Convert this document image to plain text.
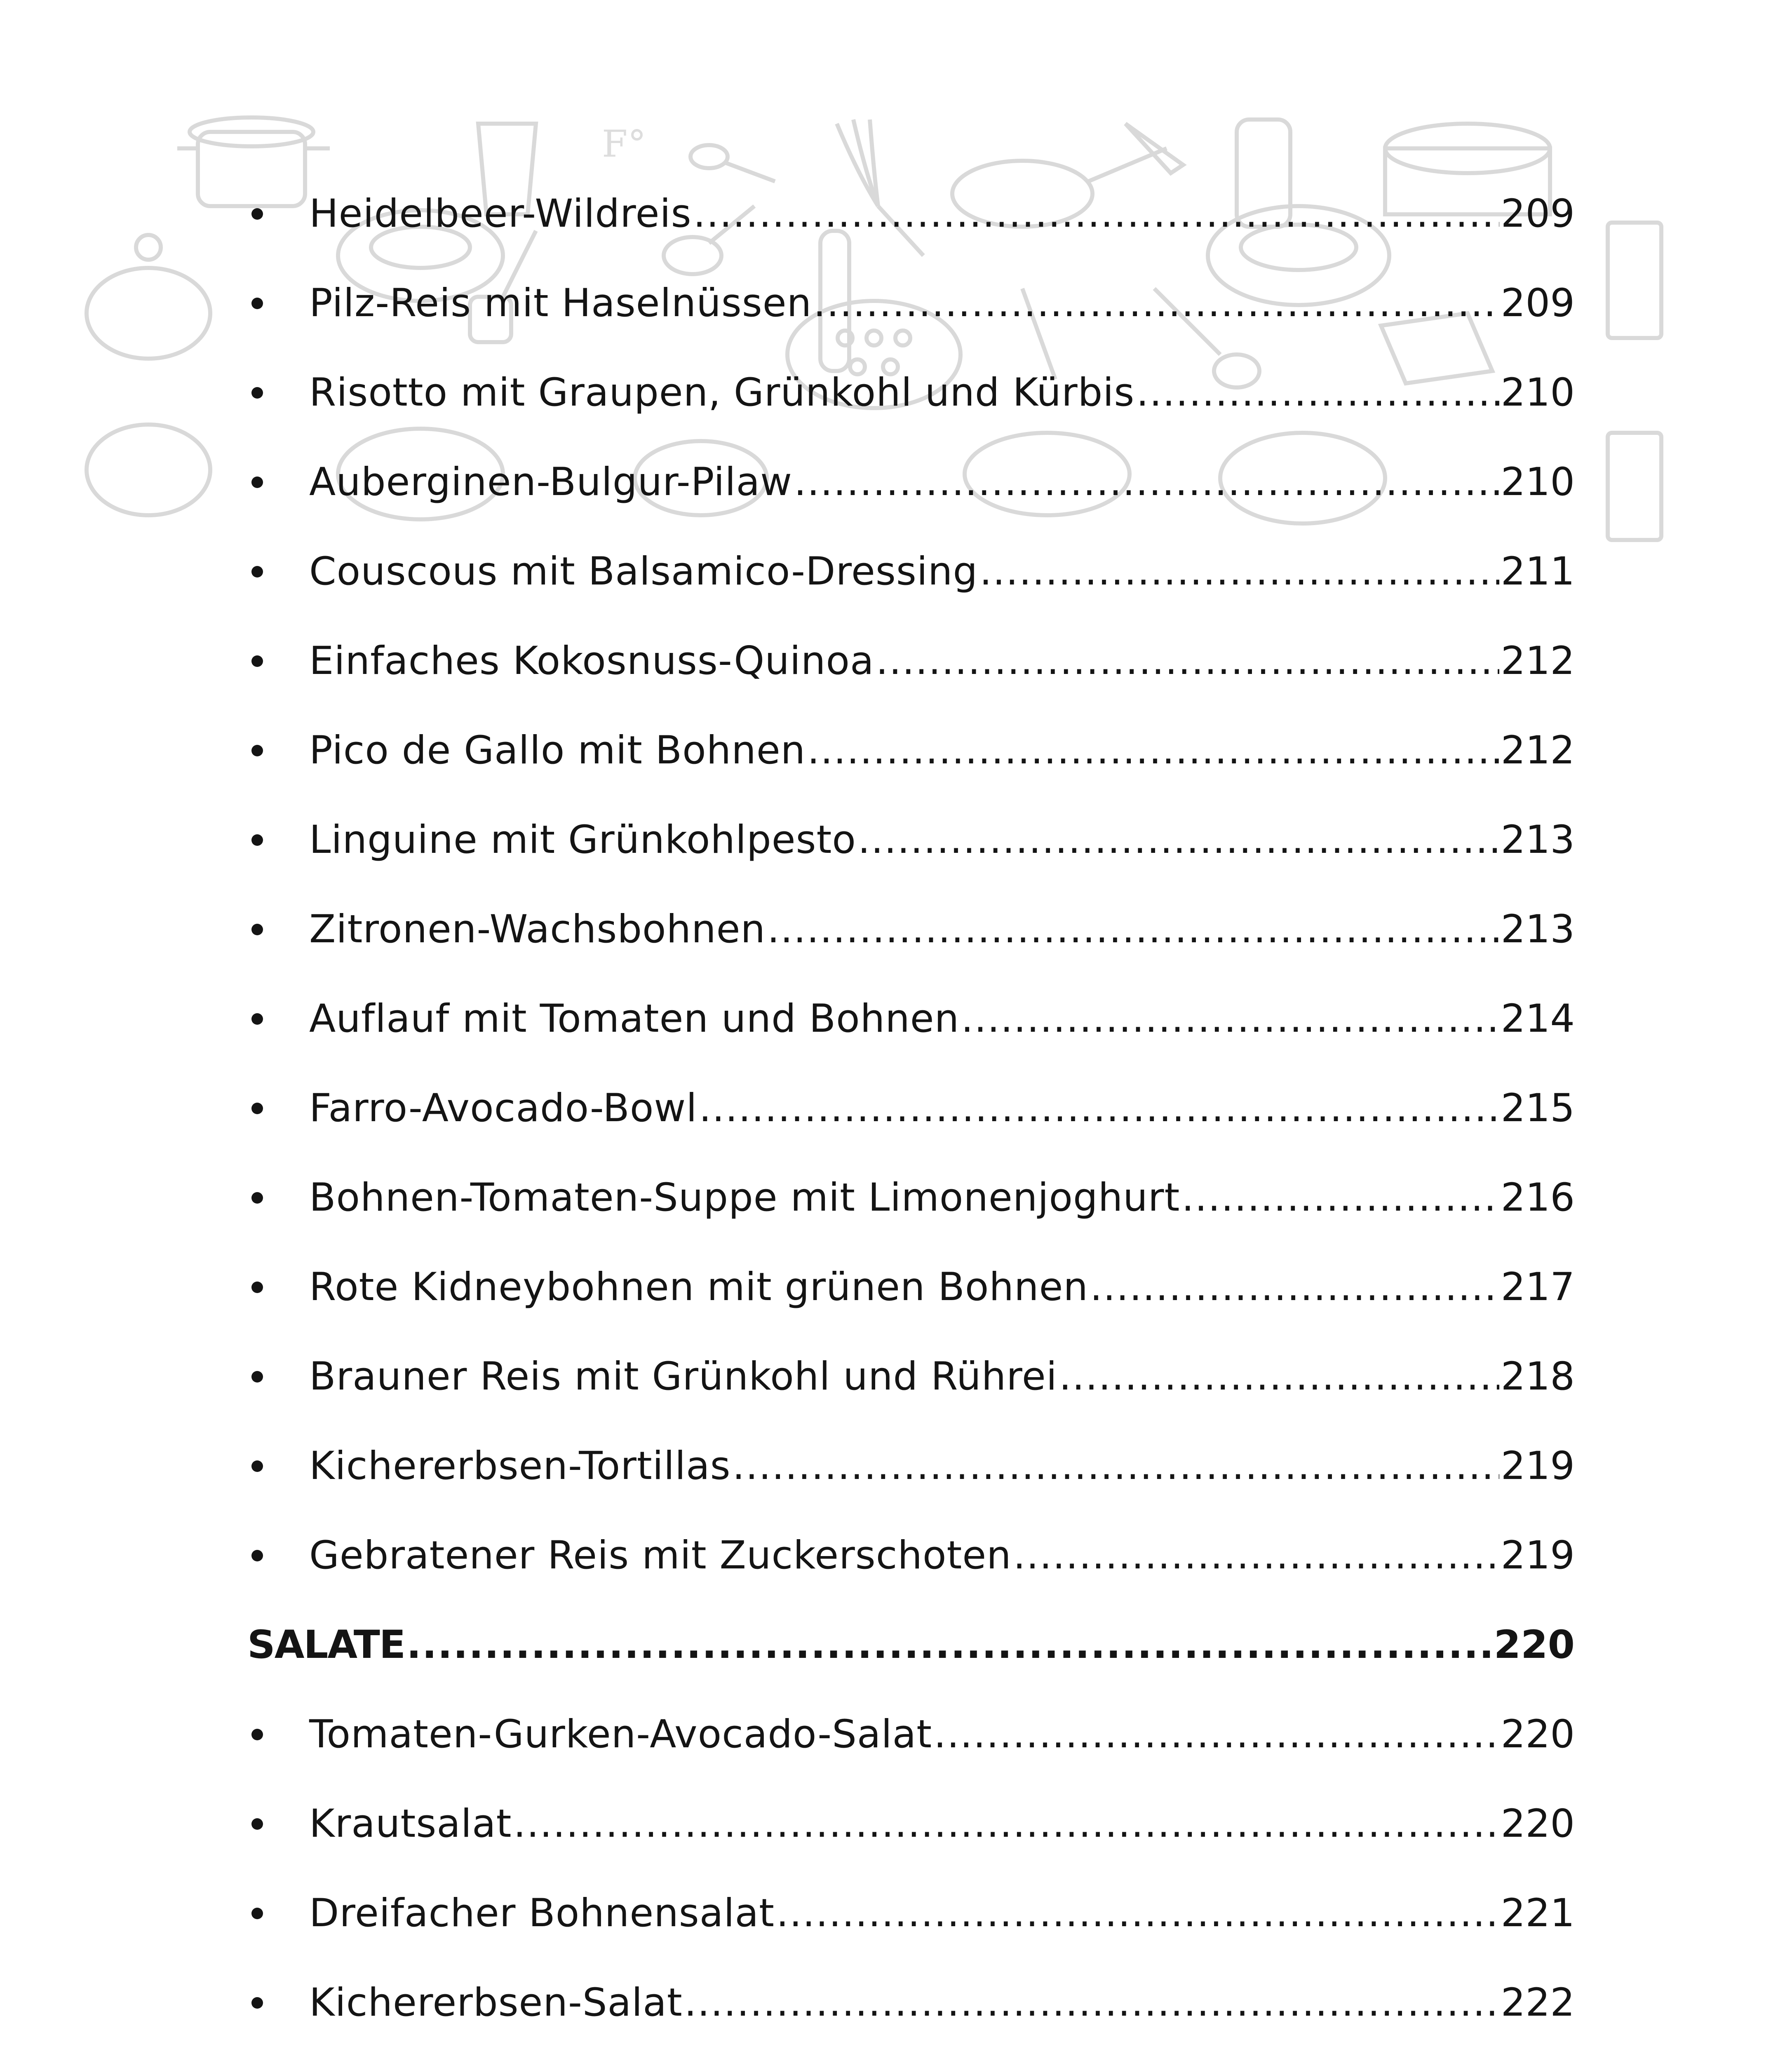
F°
Heidelbeer-Wildreis .....	209
Pilz-Reis mit Haselnüssen .....	209
Risotto mit Graupen, Grünkohl und Kürbis .....	210
Auberginen-Bulgur-Pilaw .....	210
Couscous mit Balsamico-Dressing .....	211
Einfaches Kokosnuss-Quinoa .....	212
Pico de Gallo mit Bohnen .....	212
Linguine mit Grünkohlpesto .....	213
Zitronen-Wachsbohnen .....	213
Auflauf mit Tomaten und Bohnen .....	214
Farro-Avocado-Bowl .....	215
Bohnen-Tomaten-Suppe mit Limonenjoghurt .....	216
Rote Kidneybohnen mit grünen Bohnen .....	217
Brauner Reis mit Grünkohl und Rührei .....	218
Kichererbsen-Tortillas .....	219
Gebratener Reis mit Zuckerschoten .....	219
SALATE .....	220
Tomaten-Gurken-Avocado-Salat .....	220
Krautsalat .....	220
Dreifacher Bohnensalat .....	221
Kichererbsen-Salat .....	222
